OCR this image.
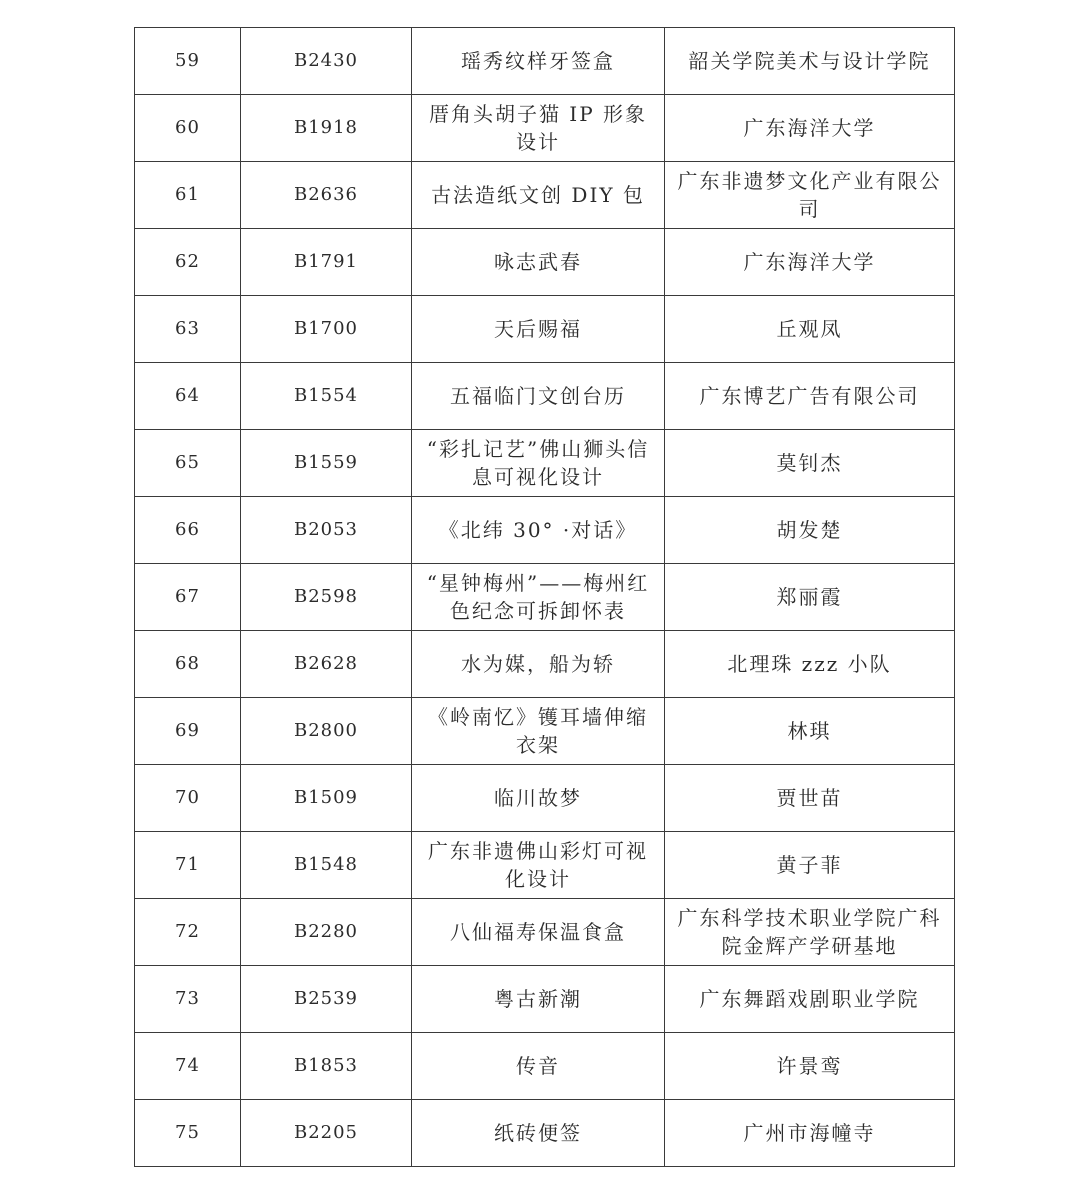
59	B2430	瑶秀纹样牙签盒	韶关学院美术与设计学院
60	B1918	厝角头胡子猫 IP 形象设计	广东海洋大学
61	B2636	古法造纸文创 DIY 包	广东非遗梦文化产业有限公司
62	B1791	咏志武春	广东海洋大学
63	B1700	天后赐福	丘观凤
64	B1554	五福临门文创台历	广东博艺广告有限公司
65	B1559	“彩扎记艺”佛山狮头信息可视化设计	莫钊杰
66	B2053	《北纬 30° ·对话》	胡发楚
67	B2598	“星钟梅州”——梅州红色纪念可拆卸怀表	郑丽霞
68	B2628	水为媒，船为轿	北理珠 zzz 小队
69	B2800	《岭南忆》镬耳墙伸缩衣架	林琪
70	B1509	临川故梦	贾世苗
71	B1548	广东非遗佛山彩灯可视化设计	黄子菲
72	B2280	八仙福寿保温食盒	广东科学技术职业学院广科院金辉产学研基地
73	B2539	粤古新潮	广东舞蹈戏剧职业学院
74	B1853	传音	许景鸾
75	B2205	纸砖便签	广州市海幢寺
